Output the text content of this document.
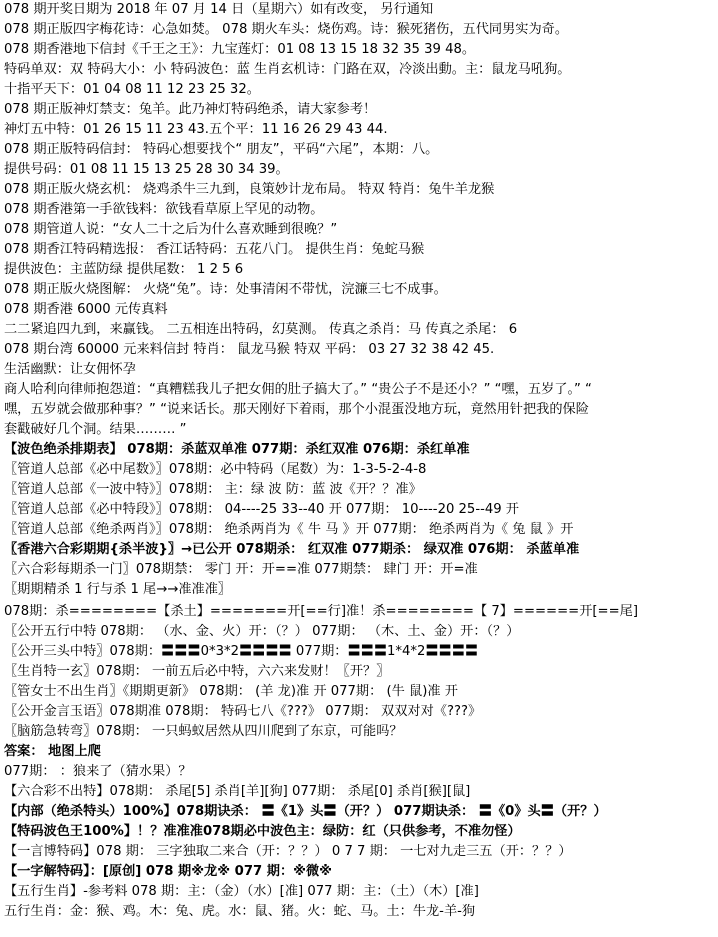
078 期开奖日期为 2018 年 07 月 14 日（星期六）如有改变， 另行通知
078 期正版四字梅花诗：心急如焚。 078 期火车头：烧伤鸡。诗：猴死猪伤，五代同男实为奇。
078 期香港地下信封《千王之王》：九宝莲灯：01 08 13 15 18 32 35 39 48。
特码单双：双 特码大小：小 特码波色：蓝 生肖玄机诗：门路在双，冷淡出動。主：鼠龙马吼狗。
十指平天下：01 04 08 11 12 23 25 32。
078 期正版神灯禁支：兔羊。此乃神灯特码绝杀，请大家参考！
神灯五中特：01 26 15 11 23 43.五个平：11 16 26 29 43 44.
078 期正版特码信封： 特码心想要找个“ 朋友”，平码“六尾”，本期：八。
提供号码：01 08 11 15 13 25 28 30 34 39。
078 期正版火烧玄机： 烧鸡杀牛三九到，良策妙计龙布局。 特双 特肖：兔牛羊龙猴
078 期香港第一手欲钱料：欲钱看草原上罕见的动物。
078 期管道人说：“女人二十之后为什么喜欢睡到很晚？”
078 期香江特码精选报： 香江话特码：五花八门。 提供生肖：兔蛇马猴
提供波色：主蓝防绿 提供尾数： 1 2 5 6
078 期正版火烧图解： 火烧“兔”。诗：处事清闲不带忧，浣濂三七不成事。
078 期香港 6000 元传真料
二二紧追四九到，来赢钱。 二五相连出特码，幻莫测。 传真之杀肖：马 传真之杀尾： 6
078 期台湾 60000 元来料信封 特肖： 鼠龙马猴 特双 平码： 03 27 32 38 42 45.
生活幽默：让女佣怀孕
商人哈利向律师抱怨道：“真糟糕我儿子把女佣的肚子搞大了。” “贵公子不是还小？” “嘿，五岁了。” “
嘿，五岁就会做那种事？” “说来话长。那天刚好下着雨，那个小混蛋没地方玩，竟然用针把我的保险
套戳破好几个洞。结果……… ”
【波色绝杀排期表】 078期：杀蓝双单准 077期：杀红双准 076期：杀红单准
〖管道人总部《必中尾数》〗078期：必中特码（尾数）为：1-3-5-2-4-8
〖管道人总部《一波中特》〗078期： 主：绿 波 防：蓝 波《开？？准》
〖管道人总部《必中特段》〗078期： 04----25 33--40 开 077期： 10----20 25--49 开
〖管道人总部《绝杀两肖》〗078期： 绝杀两肖为《 牛 马 》开 077期： 绝杀两肖为《 兔 鼠 》开
〖香港六合彩期期{杀半波}〗→已公开 078期杀： 红双准 077期杀： 绿双准 076期： 杀蓝单准
〖六合彩每期杀一门〗078期禁： 零门 开：开==准 077期禁： 肆门 开：开=准
〖期期精杀 1 行与杀 1 尾→→准准准〗
078期：杀========【杀土】=======开[==行]准！杀========【 7】======开[==尾]
〖公开五行中特 078期： （水、金、火）开：（？） 077期： （木、土、金）开：（？）
〖公开三头中特〗078期：〓〓〓0*3*2〓〓〓〓 077期：〓〓〓1*4*2〓〓〓〓
〖生肖特一玄〗078期： 一前五后必中特，六六来发财！〖开？〗
〖管女士不出生肖〗《期期更新》 078期： (羊 龙)准 开 077期： (牛 鼠)准 开
〖公开金言玉语〗078期准 078期： 特码七八《???》 077期： 双双对对《???》
〖脑筋急转弯〗078期： 一只蚂蚁居然从四川爬到了东京，可能吗？
答案： 地图上爬
077期： ：狼来了（猜水果）？
【六合彩不出特】078期： 杀尾[5] 杀肖[羊][狗] 077期： 杀尾[0] 杀肖[猴][鼠]
【内部（绝杀特头）100%】078期诀杀： 〓《1》头〓（开？） 077期诀杀： 〓《0》头〓（开？）
【特码波色王100%】！？准准准078期必中波色主：绿防：红（只供参考，不准勿怪）
【一言博特码】078 期： 三字独取二来合（开：？？） 0 7 7 期： 一七对九走三五（开：？？）
【一字解特码】：[原创] 078 期※龙※ 077 期：※微※
【五行生肖】-参考料 078 期：主：（金）（水）[准] 077 期：主：（土）（木）[准]
五行生肖：金：猴、鸡。木：兔、虎。水：鼠、猪。火：蛇、马。土：牛龙-羊-狗
